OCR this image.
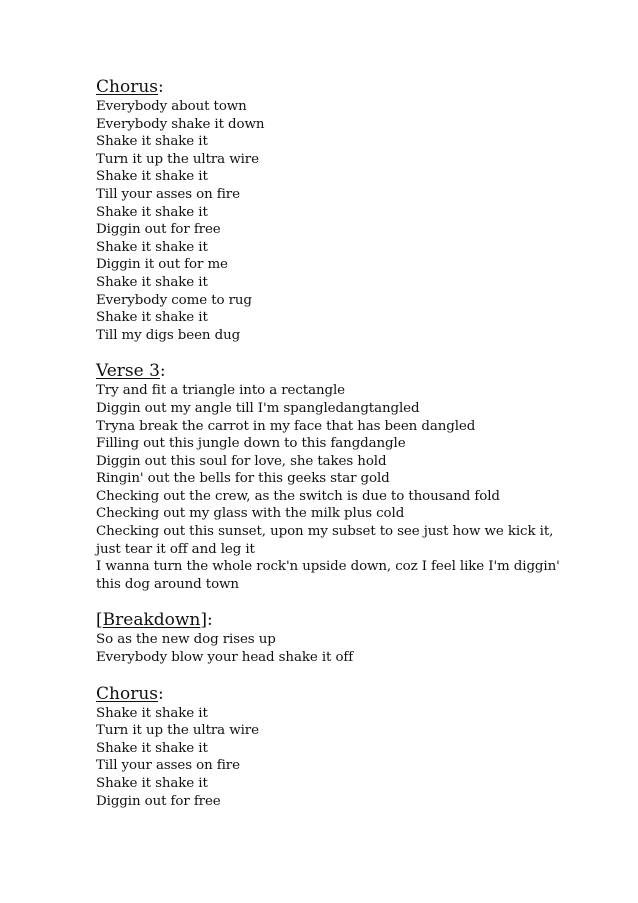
Chorus:
Everybody about town
Everybody shake it down
Shake it shake it
Turn it up the ultra wire
Shake it shake it
Till your asses on fire
Shake it shake it
Diggin out for free
Shake it shake it
Diggin it out for me
Shake it shake it
Everybody come to rug
Shake it shake it
Till my digs been dug
Verse 3:
Try and fit a triangle into a rectangle
Diggin out my angle till I'm spangledangtangled
Tryna break the carrot in my face that has been dangled
Filling out this jungle down to this fangdangle
Diggin out this soul for love, she takes hold
Ringin' out the bells for this geeks star gold
Checking out the crew, as the switch is due to thousand fold
Checking out my glass with the milk plus cold
Checking out this sunset, upon my subset to see just how we kick it,
just tear it off and leg it
I wanna turn the whole rock'n upside down, coz I feel like I'm diggin'
this dog around town
[Breakdown]:
So as the new dog rises up
Everybody blow your head shake it off
Chorus:
Shake it shake it
Turn it up the ultra wire
Shake it shake it
Till your asses on fire
Shake it shake it
Diggin out for free
